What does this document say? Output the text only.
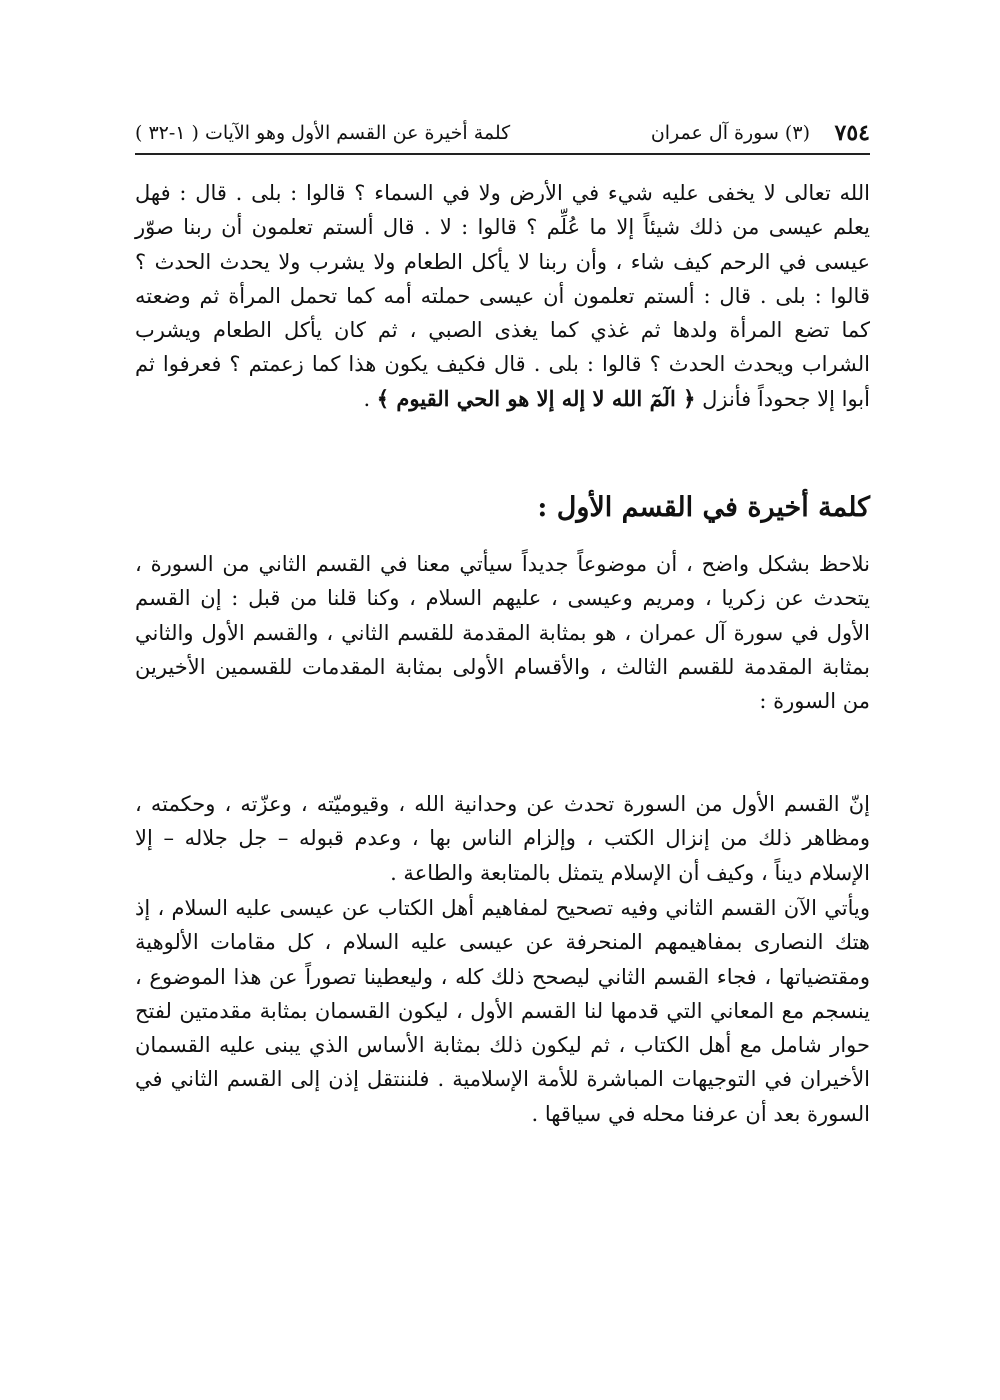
٧٥٤
(٣) سورة آل عمران
كلمة أخيرة عن القسم الأول وهو الآيات ( ١-٣٢ )

الله تعالى لا يخفى عليه شيء في الأرض ولا في السماء ؟ قالوا : بلى . قال : فهل يعلم عيسى من ذلك شيئاً إلا ما عُلِّم ؟ قالوا : لا . قال ألستم تعلمون أن ربنا صوّر عيسى في الرحم كيف شاء ، وأن ربنا لا يأكل الطعام ولا يشرب ولا يحدث الحدث ؟ قالوا : بلى . قال : ألستم تعلمون أن عيسى حملته أمه كما تحمل المرأة ثم وضعته كما تضع المرأة ولدها ثم غذي كما يغذى الصبي ، ثم كان يأكل الطعام ويشرب الشراب ويحدث الحدث ؟ قالوا : بلى . قال فكيف يكون هذا كما زعمتم ؟ فعرفوا ثم أبوا إلا جحوداً فأنزل ﴿ الٓمٓ الله لا إله إلا هو الحي القيوم ﴾ .

كلمة أخيرة في القسم الأول :

نلاحظ بشكل واضح ، أن موضوعاً جديداً سيأتي معنا في القسم الثاني من السورة ، يتحدث عن زكريا ، ومريم وعيسى ، عليهم السلام ، وكنا قلنا من قبل : إن القسم الأول في سورة آل عمران ، هو بمثابة المقدمة للقسم الثاني ، والقسم الأول والثاني بمثابة المقدمة للقسم الثالث ، والأقسام الأولى بمثابة المقدمات للقسمين الأخيرين من السورة :

إنّ القسم الأول من السورة تحدث عن وحدانية الله ، وقيوميّته ، وعزّته ، وحكمته ، ومظاهر ذلك من إنزال الكتب ، وإلزام الناس بها ، وعدم قبوله – جل جلاله – إلا الإسلام ديناً ، وكيف أن الإسلام يتمثل بالمتابعة والطاعة .

ويأتي الآن القسم الثاني وفيه تصحيح لمفاهيم أهل الكتاب عن عيسى عليه السلام ، إذ هتك النصارى بمفاهيمهم المنحرفة عن عيسى عليه السلام ، كل مقامات الألوهية ومقتضياتها ، فجاء القسم الثاني ليصحح ذلك كله ، وليعطينا تصوراً عن هذا الموضوع ، ينسجم مع المعاني التي قدمها لنا القسم الأول ، ليكون القسمان بمثابة مقدمتين لفتح حوار شامل مع أهل الكتاب ، ثم ليكون ذلك بمثابة الأساس الذي يبنى عليه القسمان الأخيران في التوجيهات المباشرة للأمة الإسلامية . فلننتقل إذن إلى القسم الثاني في السورة بعد أن عرفنا محله في سياقها .
